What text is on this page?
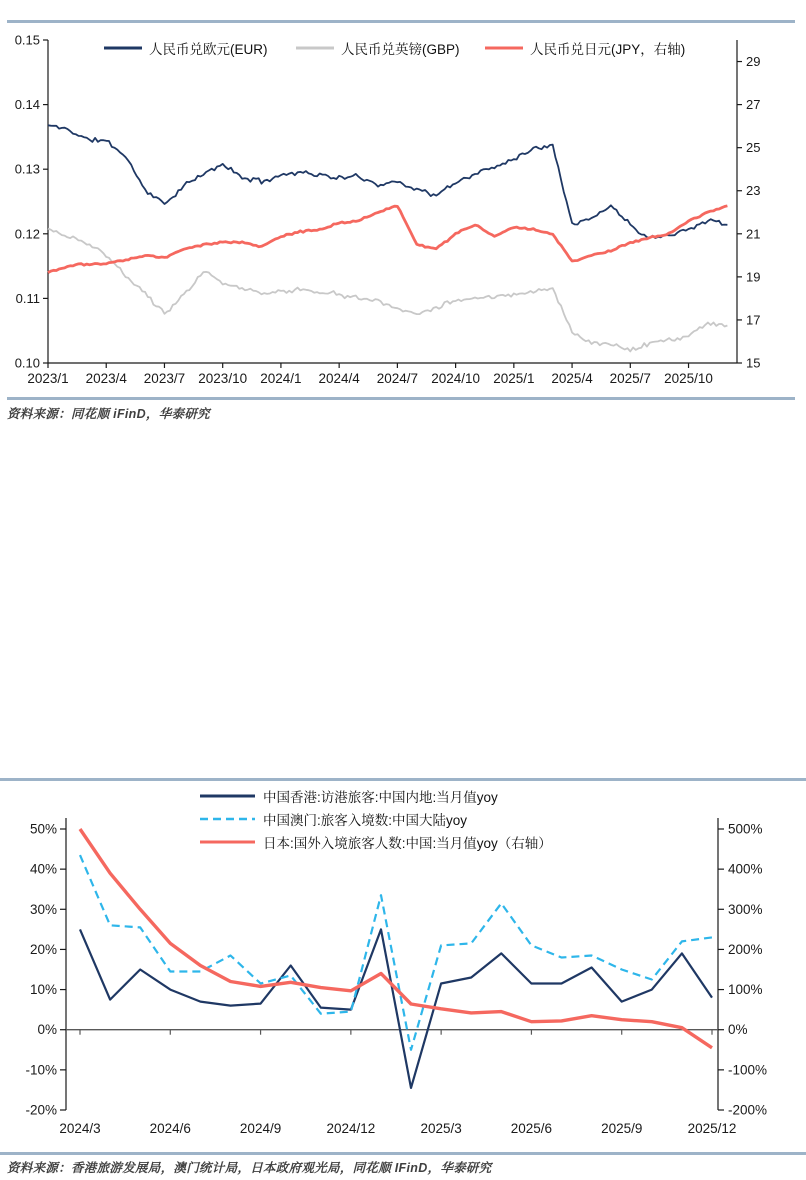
0.15
0.14
0.13
0.12
0.11
0.10
29
27
25
23
21
19
17
15
2023/1 2023/4 2023/7 2023/10 2024/1 2024/4 2024/7 2024/10 2025/1 2025/4 2025/7 2025/10
50%
40%
30%
20%
10%
0%
-10%
-20%
500%
400%
300%
200%
100%
0%
-100%
-200%
2024/3	2024/6	2024/9	2024/12	2025/3	2025/6	2025/9	2025/12
人民币兑欧元(EUR)	人民币兑英镑(GBP)	人民币兑日元(JPY，右轴)
中国香港:访港旅客:中国内地:当月值yoy
中国澳门:旅客入境数:中国大陆yoy
日本:国外入境旅客人数:中国:当月值yoy（右轴）
资料来源：同花顺 iFinD，华泰研究
资料来源：香港旅游发展局，澳门统计局，日本政府观光局，同花顺 IFinD，华泰研究
